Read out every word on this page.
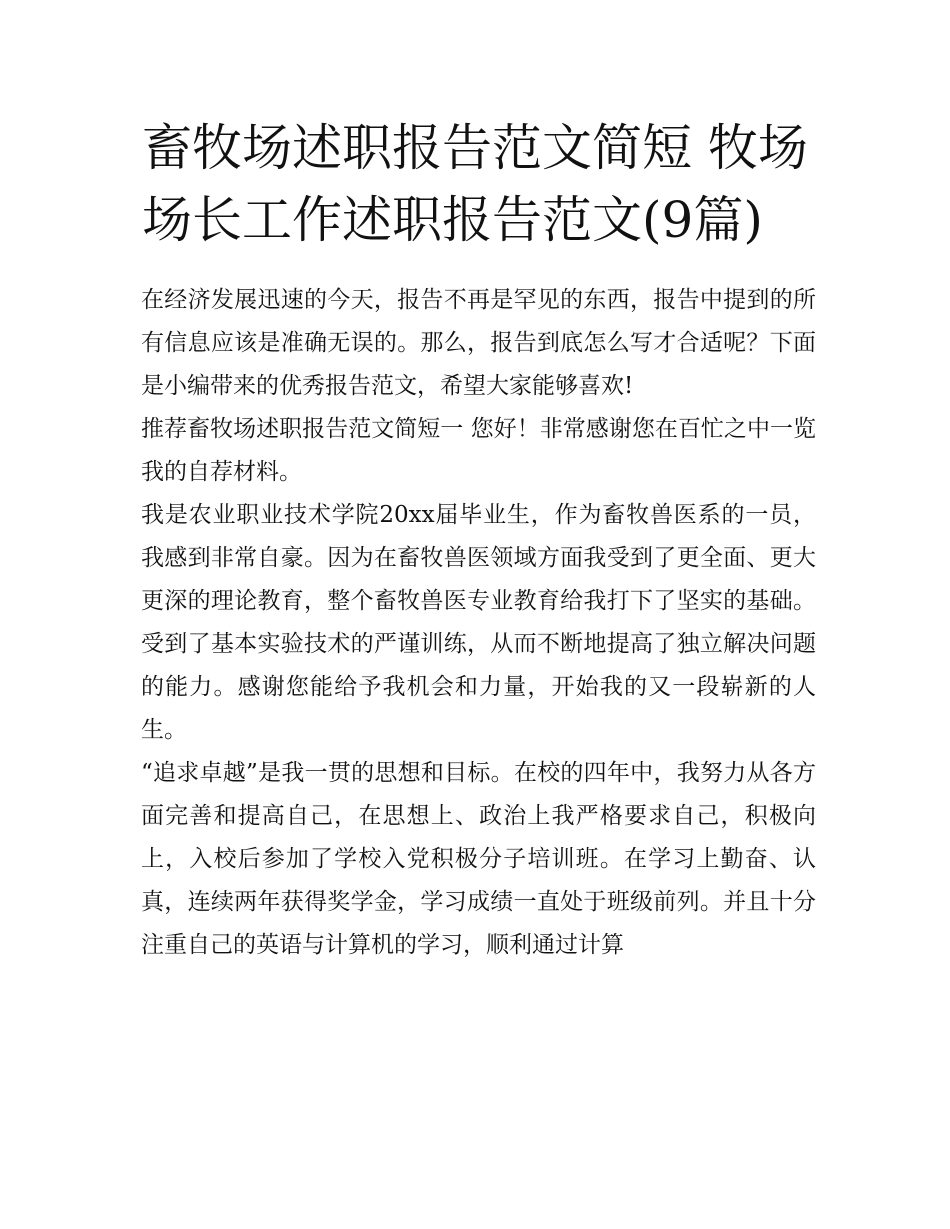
畜牧场述职报告范文简短 牧场场长工作述职报告范文(9篇)

在经济发展迅速的今天，报告不再是罕见的东西，报告中提到的所有信息应该是准确无误的。那么，报告到底怎么写才合适呢？下面是小编带来的优秀报告范文，希望大家能够喜欢!

推荐畜牧场述职报告范文简短一 您好！非常感谢您在百忙之中一览我的自荐材料。

我是农业职业技术学院20xx届毕业生，作为畜牧兽医系的一员，我感到非常自豪。因为在畜牧兽医领域方面我受到了更全面、更大更深的理论教育，整个畜牧兽医专业教育给我打下了坚实的基础。受到了基本实验技术的严谨训练，从而不断地提高了独立解决问题的能力。感谢您能给予我机会和力量，开始我的又一段崭新的人生。

“追求卓越”是我一贯的思想和目标。在校的四年中，我努力从各方面完善和提高自己，在思想上、政治上我严格要求自己，积极向上，入校后参加了学校入党积极分子培训班。在学习上勤奋、认真，连续两年获得奖学金，学习成绩一直处于班级前列。并且十分注重自己的英语与计算机的学习，顺利通过计算
